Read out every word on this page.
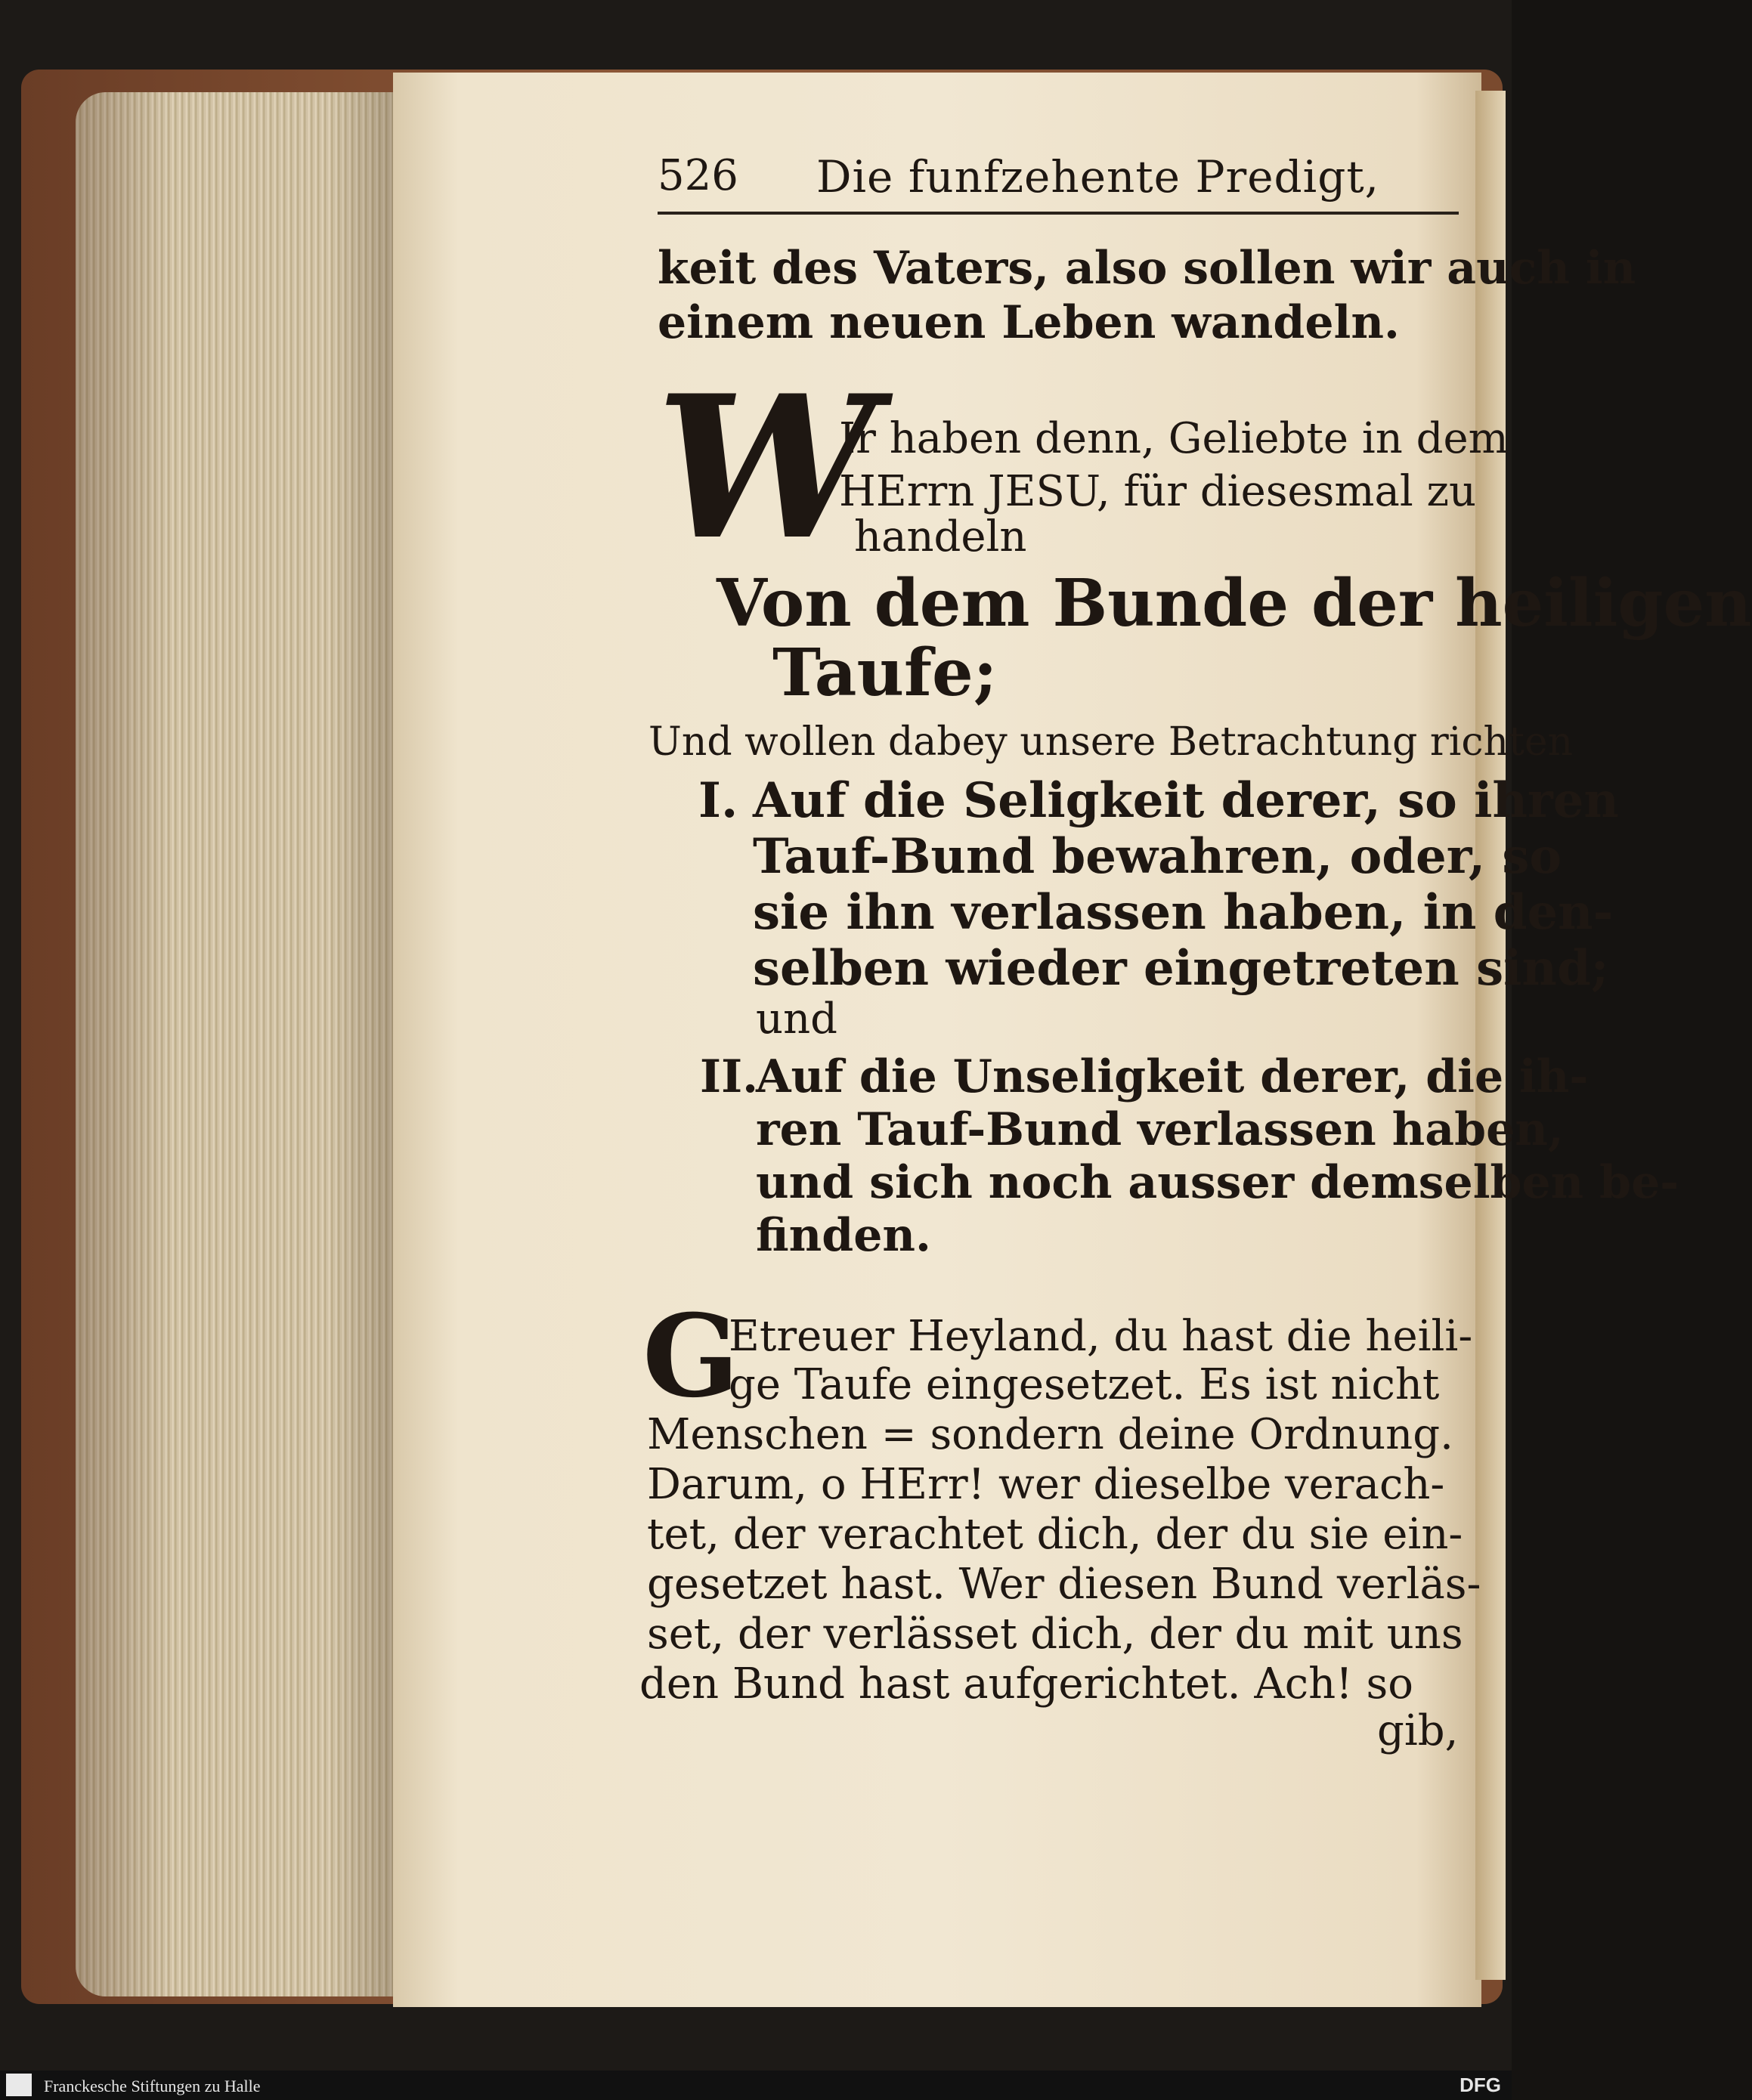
526 Die funfzehente Predigt,
keit des Vaters, also sollen wir auch in
einem neuen Leben wandeln.
W
Ir haben denn, Geliebte in dem
HErrn JESU, für diesesmal zu
handeln
Von dem Bunde der heiligen
Taufe;
Und wollen dabey unsere Betrachtung richten
I. Auf die Seligkeit derer, so ihren
Tauf-Bund bewahren, oder, so
sie ihn verlassen haben, in den-
selben wieder eingetreten sind;
und
II.
Auf die Unseligkeit derer, die ih-
ren Tauf-Bund verlassen haben,
und sich noch ausser demselben be-
finden.
G
Etreuer Heyland, du hast die heili-
ge Taufe eingesetzet. Es ist nicht
Menschen = sondern deine Ordnung.
Darum, o HErr! wer dieselbe verach-
tet, der verachtet dich, der du sie ein-
gesetzet hast. Wer diesen Bund verläs-
set, der verlässet dich, der du mit uns
den Bund hast aufgerichtet. Ach! so
gib,
Franckesche Stiftungen zu Halle	DFG
